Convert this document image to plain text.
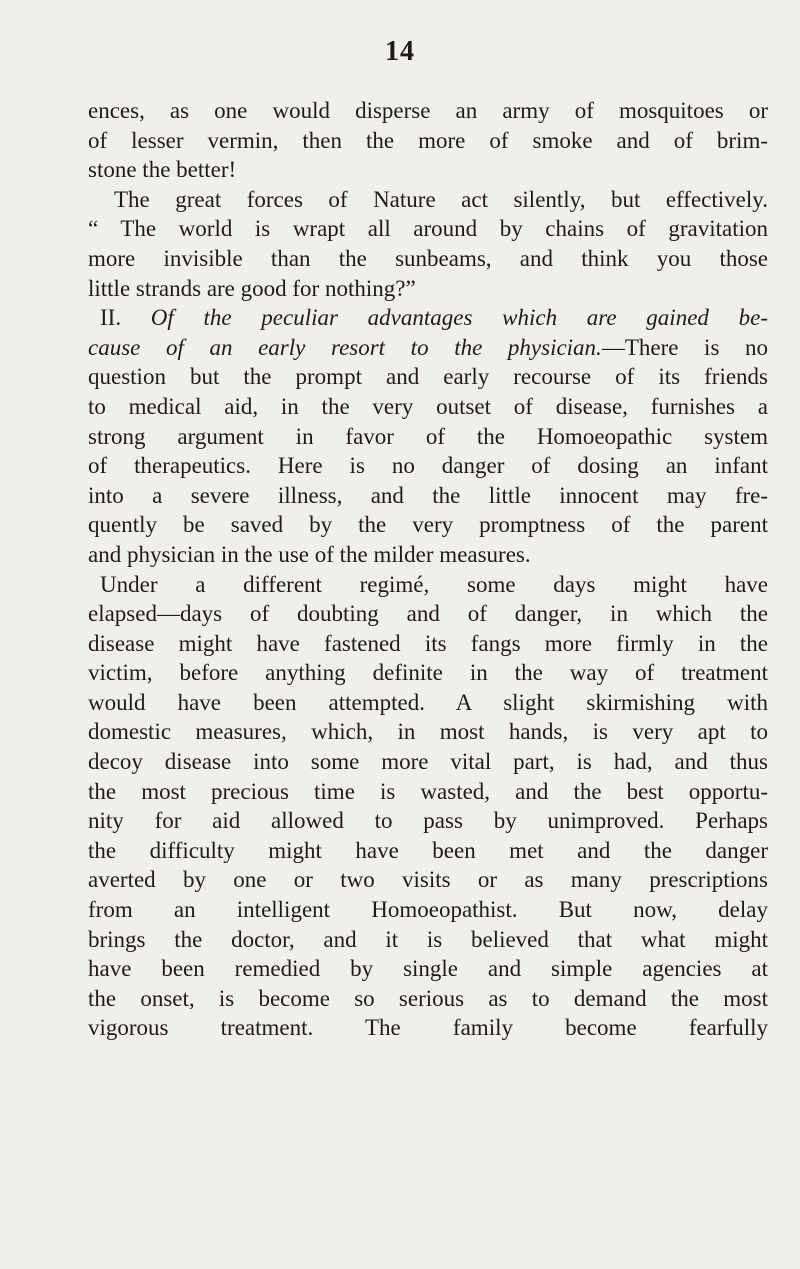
14
ences, as one would disperse an army of mosquitoes or
of lesser vermin, then the more of smoke and of brim-
stone the better!
The great forces of Nature act silently, but effectively.
“ The world is wrapt all around by chains of gravitation
more invisible than the sunbeams, and think you those
little strands are good for nothing?”
II. Of the peculiar advantages which are gained be-
cause of an early resort to the physician.—There is no
question but the prompt and early recourse of its friends
to medical aid, in the very outset of disease, furnishes a
strong argument in favor of the Homoeopathic system
of therapeutics. Here is no danger of dosing an infant
into a severe illness, and the little innocent may fre-
quently be saved by the very promptness of the parent
and physician in the use of the milder measures.
Under a different regimé, some days might have
elapsed—days of doubting and of danger, in which the
disease might have fastened its fangs more firmly in the
victim, before anything definite in the way of treatment
would have been attempted. A slight skirmishing with
domestic measures, which, in most hands, is very apt to
decoy disease into some more vital part, is had, and thus
the most precious time is wasted, and the best opportu-
nity for aid allowed to pass by unimproved. Perhaps
the difficulty might have been met and the danger
averted by one or two visits or as many prescriptions
from an intelligent Homoeopathist. But now, delay
brings the doctor, and it is believed that what might
have been remedied by single and simple agencies at
the onset, is become so serious as to demand the most
vigorous treatment. The family become fearfully
